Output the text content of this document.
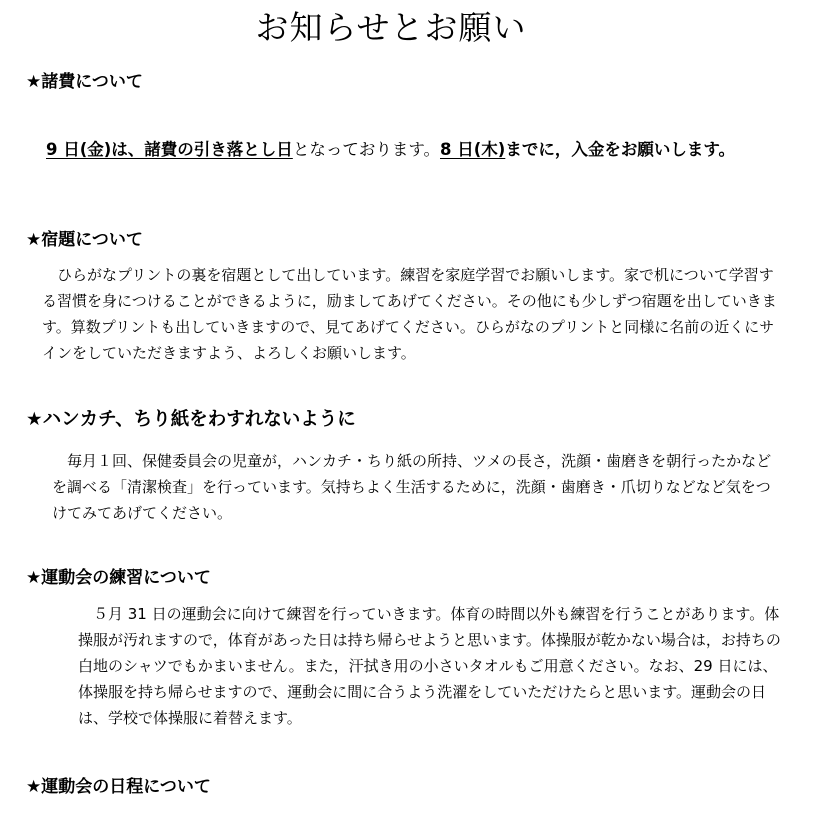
お知らせとお願い
★諸費について

9 日(金)は、諸費の引き落とし日となっております。8 日(木)までに，入金をお願いします。

★宿題について

　ひらがなプリントの裏を宿題として出しています。練習を家庭学習でお願いします。家で机について学習する習慣を身につけることができるように，励ましてあげてください。その他にも少しずつ宿題を出していきます。算数プリントも出していきますので、見てあげてください。ひらがなのプリントと同様に名前の近くにサインをしていただきますよう、よろしくお願いします。

★ハンカチ、ちり紙をわすれないように

　毎月１回、保健委員会の児童が，ハンカチ・ちり紙の所持、ツメの長さ，洗顔・歯磨きを朝行ったかなどを調べる「清潔検査」を行っています。気持ちよく生活するために，洗顔・歯磨き・爪切りなどなど気をつけてみてあげてください。

★運動会の練習について

　５月 31 日の運動会に向けて練習を行っていきます。体育の時間以外も練習を行うことがあります。体操服が汚れますので，体育があった日は持ち帰らせようと思います。体操服が乾かない場合は，お持ちの白地のシャツでもかまいません。また，汗拭き用の小さいタオルもご用意ください。なお、29 日には、体操服を持ち帰らせますので、運動会に間に合うよう洗濯をしていただけたらと思います。運動会の日は、学校で体操服に着替えます。

★運動会の日程について
